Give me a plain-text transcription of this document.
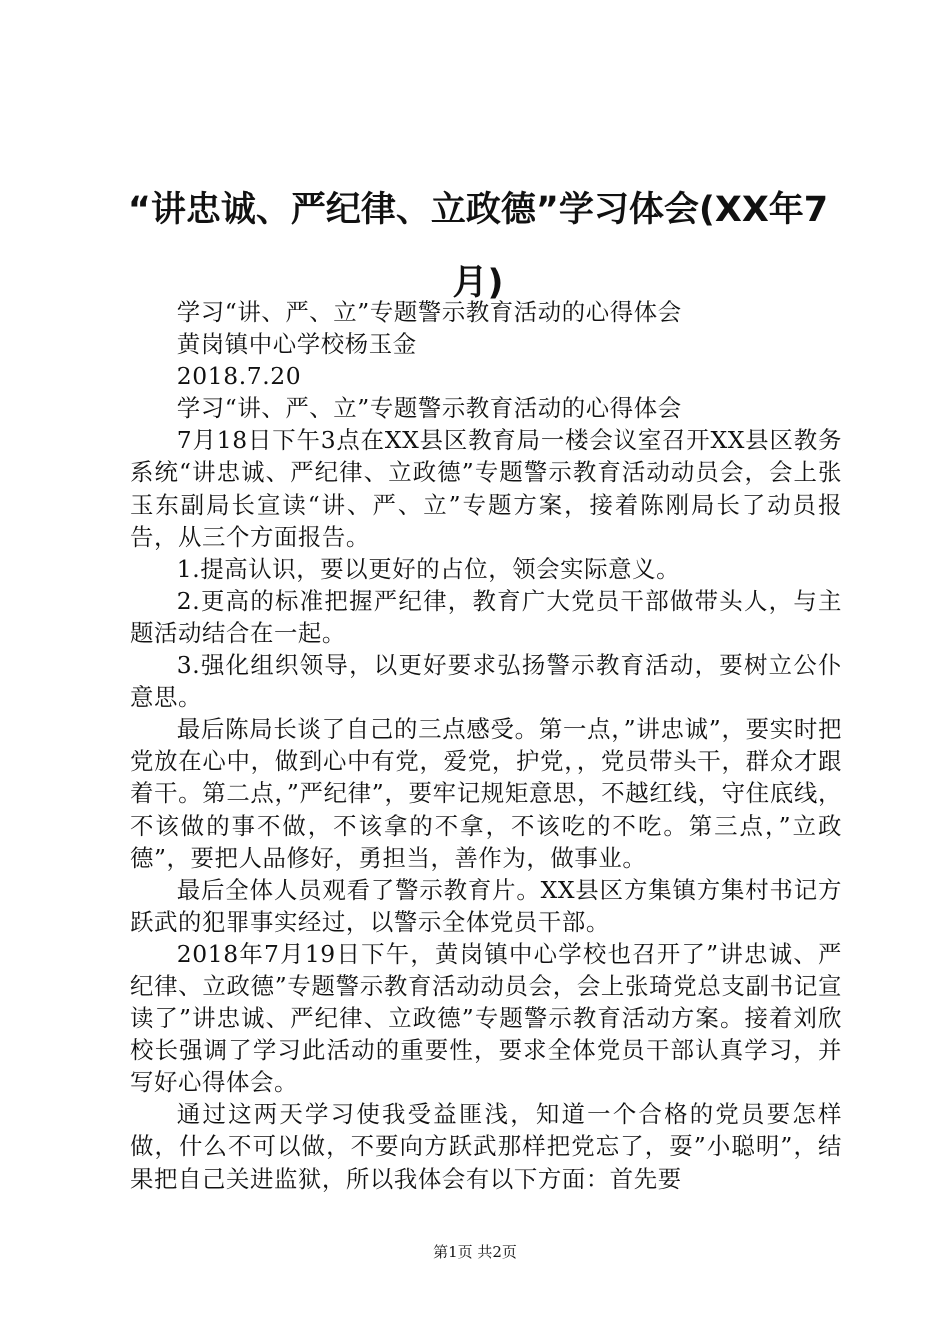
“讲忠诚、严纪律、立政德”学习体会(XX年7月)

学习“讲、严、立”专题警示教育活动的心得体会

黄岗镇中心学校杨玉金

2018.7.20

学习“讲、严、立”专题警示教育活动的心得体会

7月18日下午3点在XX县区教育局一楼会议室召开XX县区教务系统“讲忠诚、严纪律、立政德”专题警示教育活动动员会，会上张玉东副局长宣读“讲、严、立”专题方案，接着陈刚局长了动员报告，从三个方面报告。

1.提高认识，要以更好的占位，领会实际意义。

2.更高的标准把握严纪律，教育广大党员干部做带头人，与主题活动结合在一起。

3.强化组织领导，以更好要求弘扬警示教育活动，要树立公仆意思。

最后陈局长谈了自己的三点感受。第一点，”讲忠诚”，要实时把党放在心中，做到心中有党，爱党，护党，，党员带头干，群众才跟着干。第二点，”严纪律”，要牢记规矩意思，不越红线，守住底线，不该做的事不做，不该拿的不拿，不该吃的不吃。第三点，”立政德”，要把人品修好，勇担当，善作为，做事业。

最后全体人员观看了警示教育片。XX县区方集镇方集村书记方跃武的犯罪事实经过，以警示全体党员干部。

2018年7月19日下午，黄岗镇中心学校也召开了”讲忠诚、严纪律、立政德”专题警示教育活动动员会，会上张琦党总支副书记宣读了”讲忠诚、严纪律、立政德”专题警示教育活动方案。接着刘欣校长强调了学习此活动的重要性，要求全体党员干部认真学习，并写好心得体会。

通过这两天学习使我受益匪浅，知道一个合格的党员要怎样做，什么不可以做，不要向方跃武那样把党忘了，耍”小聪明”，结果把自己关进监狱，所以我体会有以下方面：首先要

第1页 共2页
